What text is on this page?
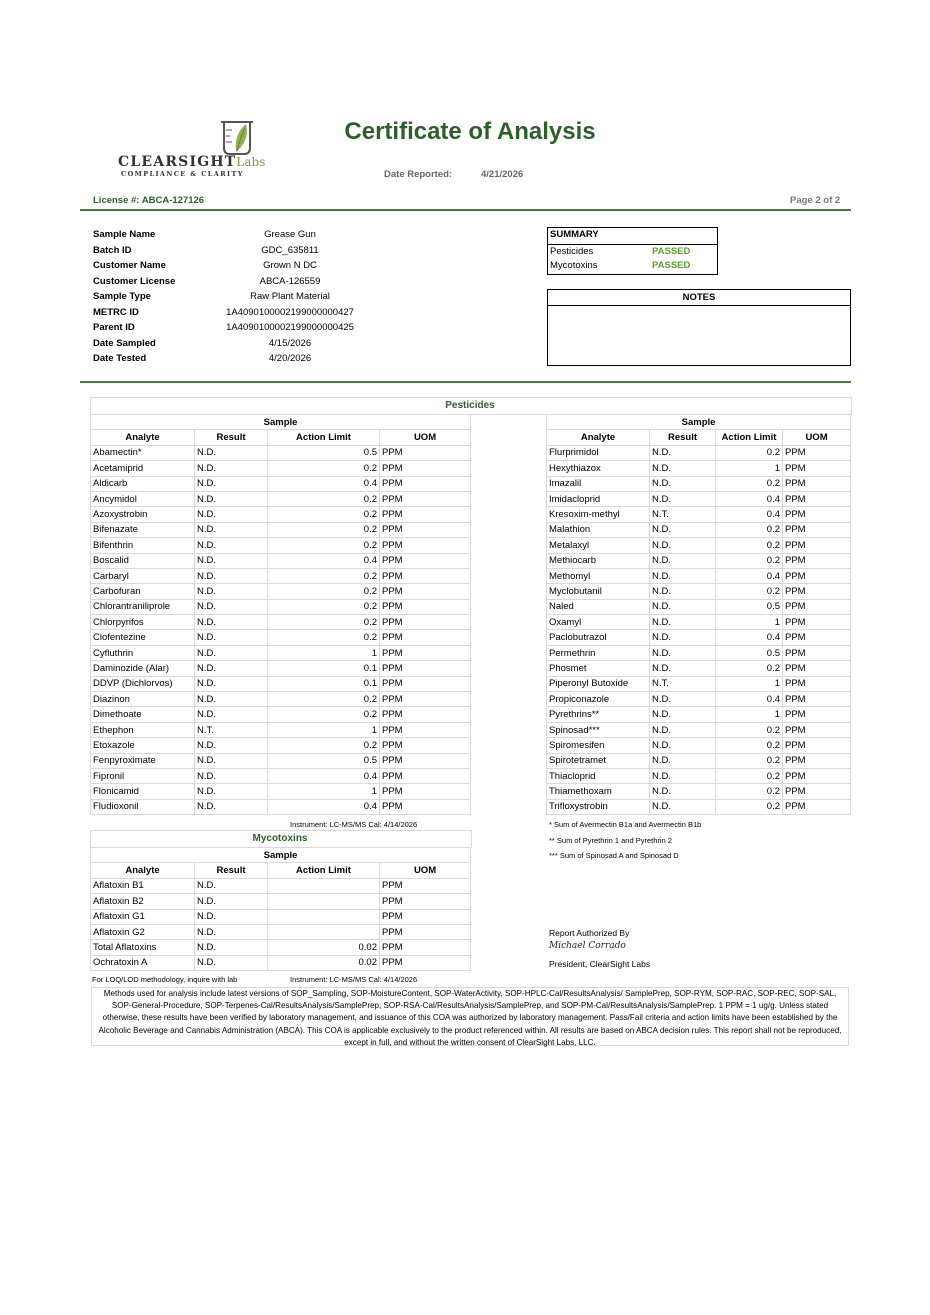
CLEARSIGHTLabs
COMPLIANCE & CLARITY
Certificate of Analysis
Date Reported:	4/21/2026
License #: ABCA-127126	Page 2 of 2
Sample Name	Grease Gun
Batch ID	GDC_635811
Customer Name	Grown N DC
Customer License	ABCA-126559
Sample Type	Raw Plant Material
METRC ID	1A4090100002199000000427
Parent ID	1A4090100002199000000425
Date Sampled	4/15/2026
Date Tested	4/20/2026
SUMMARY
Pesticides	PASSED
Mycotoxins	PASSED
NOTES
Pesticides
Sample			
Analyte	Result	Action Limit	UOM
Abamectin*	N.D.	0.5	PPM
Acetamiprid	N.D.	0.2	PPM
Aldicarb	N.D.	0.4	PPM
Ancymidol	N.D.	0.2	PPM
Azoxystrobin	N.D.	0.2	PPM
Bifenazate	N.D.	0.2	PPM
Bifenthrin	N.D.	0.2	PPM
Boscalid	N.D.	0.4	PPM
Carbaryl	N.D.	0.2	PPM
Carbofuran	N.D.	0.2	PPM
Chlorantraniliprole	N.D.	0.2	PPM
Chlorpyrifos	N.D.	0.2	PPM
Clofentezine	N.D.	0.2	PPM
Cyfluthrin	N.D.	1	PPM
Daminozide (Alar)	N.D.	0.1	PPM
DDVP (Dichlorvos)	N.D.	0.1	PPM
Diazinon	N.D.	0.2	PPM
Dimethoate	N.D.	0.2	PPM
Ethephon	N.T.	1	PPM
Etoxazole	N.D.	0.2	PPM
Fenpyroximate	N.D.	0.5	PPM
Fipronil	N.D.	0.4	PPM
Flonicamid	N.D.	1	PPM
Fludioxonil	N.D.	0.4	PPM
Sample			
Analyte	Result	Action Limit	UOM
Flurprimidol	N.D.	0.2	PPM
Hexythiazox	N.D.	1	PPM
Imazalil	N.D.	0.2	PPM
Imidacloprid	N.D.	0.4	PPM
Kresoxim-methyl	N.T.	0.4	PPM
Malathion	N.D.	0.2	PPM
Metalaxyl	N.D.	0.2	PPM
Methiocarb	N.D.	0.2	PPM
Methomyl	N.D.	0.4	PPM
Myclobutanil	N.D.	0.2	PPM
Naled	N.D.	0.5	PPM
Oxamyl	N.D.	1	PPM
Paclobutrazol	N.D.	0.4	PPM
Permethrin	N.D.	0.5	PPM
Phosmet	N.D.	0.2	PPM
Piperonyl Butoxide	N.T.	1	PPM
Propiconazole	N.D.	0.4	PPM
Pyrethrins**	N.D.	1	PPM
Spinosad***	N.D.	0.2	PPM
Spiromesifen	N.D.	0.2	PPM
Spirotetramet	N.D.	0.2	PPM
Thiacloprid	N.D.	0.2	PPM
Thiamethoxam	N.D.	0.2	PPM
Trifloxystrobin	N.D.	0.2	PPM
Instrument: LC-MS/MS Cal: 4/14/2026	* Sum of Avermectin B1a and Avermectin B1b
** Sum of Pyrethrin 1 and Pyrethrin 2
*** Sum of Spinosad A and Spinosad D
Mycotoxins
Sample			
Analyte	Result	Action Limit	UOM
Aflatoxin B1	N.D.		PPM
Aflatoxin B2	N.D.		PPM
Aflatoxin G1	N.D.		PPM
Aflatoxin G2	N.D.		PPM
Total Aflatoxins	N.D.	0.02	PPM
Ochratoxin A	N.D.	0.02	PPM
For LOQ/LOD methodology, inquire with lab	Instrument: LC-MS/MS Cal: 4/14/2026
Report Authorized By
Michael Corrado
President, ClearSight Labs
Methods used for analysis include latest versions of SOP_Sampling, SOP-MoistureContent, SOP-WaterActivity, SOP-HPLC-Cal/ResultsAnalysis/ SamplePrep, SOP-RYM, SOP-RAC, SOP-REC, SOP-SAL, SOP-General-Procedure, SOP-Terpenes-Cal/ResultsAnalysis/SamplePrep, SOP-RSA-Cal/ResultsAnalysis/SamplePrep, and SOP-PM-Cal/ResultsAnalysis/SamplePrep. 1 PPM = 1 ug/g. Unless stated otherwise, these results have been verified by laboratory management, and issuance of this COA was authorized by laboratory management. Pass/Fail criteria and action limits have been established by the Alcoholic Beverage and Cannabis Administration (ABCA). This COA is applicable exclusively to the product referenced within. All results are based on ABCA decision rules. This report shall not be reproduced, except in full, and without the written consent of ClearSight Labs, LLC.
